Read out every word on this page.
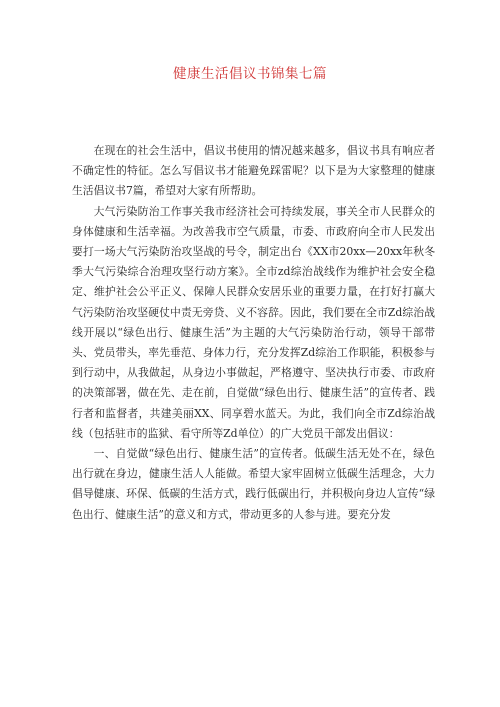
健康生活倡议书锦集七篇

在现在的社会生活中，倡议书使用的情况越来越多，倡议书具有响应者不确定性的特征。怎么写倡议书才能避免踩雷呢？以下是为大家整理的健康生活倡议书7篇，希望对大家有所帮助。

大气污染防治工作事关我市经济社会可持续发展，事关全市人民群众的身体健康和生活幸福。为改善我市空气质量，市委、市政府向全市人民发出要打一场大气污染防治攻坚战的号令，制定出台《XX市20xx—20xx年秋冬季大气污染综合治理攻坚行动方案》。全市zd综治战线作为维护社会安全稳定、维护社会公平正义、保障人民群众安居乐业的重要力量，在打好打赢大气污染防治攻坚硬仗中责无旁贷、义不容辞。因此，我们要在全市Zd综治战线开展以“绿色出行、健康生活”为主题的大气污染防治行动，领导干部带头、党员带头，率先垂范、身体力行，充分发挥Zd综治工作职能，积极参与到行动中，从我做起，从身边小事做起，严格遵守、坚决执行市委、市政府的决策部署，做在先、走在前，自觉做“绿色出行、健康生活”的宣传者、践行者和监督者，共建美丽XX、同享碧水蓝天。为此，我们向全市Zd综治战线（包括驻市的监狱、看守所等Zd单位）的广大党员干部发出倡议：

一、自觉做“绿色出行、健康生活”的宣传者。低碳生活无处不在，绿色出行就在身边，健康生活人人能做。希望大家牢固树立低碳生活理念，大力倡导健康、环保、低碳的生活方式，践行低碳出行，并积极向身边人宣传“绿色出行、健康生活”的意义和方式，带动更多的人参与进。要充分发
